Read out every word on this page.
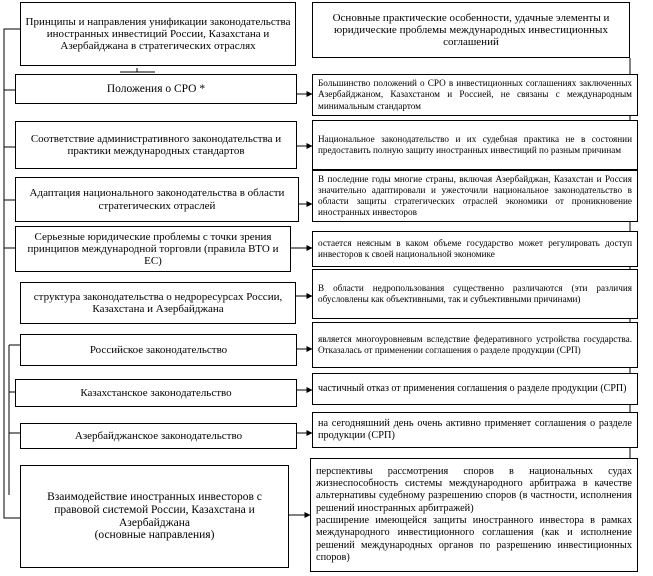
Принципы и направления унификации законодательства иностранных инвестиций России, Казахстана и Азербайджана в стратегических отраслях
Положения о СРО *
Соответствие административного законодательства и практики международных стандартов
Адаптация национального законодательства в области стратегических отраслей
Серьезные юридические проблемы с точки зрения принципов международной торговли (правила ВТО и ЕС)
структура законодательства о недроресурсах России, Казахстана и Азербайджана
Российское законодательство
Казахстанское законодательство
Азербайджанское законодательство
Взаимодействие иностранных инвесторов с правовой системой России, Казахстана и Азербайджана
(основные направления)
Основные практические особенности, удачные элементы и юридические проблемы международных инвестиционных соглашений
Большинство положений о СРО в инвестиционных соглашениях заключенных Азербайджаном, Казахстаном и Россией, не связаны с международным минимальным стандартом
Национальное законодательство и их судебная практика не в состоянии предоставить полную защиту иностранных инвестиций по разным причинам
В последние годы многие страны, включая Азербайджан, Казахстан и Россия значительно адаптировали и ужесточили национальное законодательство в области защиты стратегических отраслей экономики от проникновение иностранных инвесторов
остается неясным в каком объеме государство может регулировать доступ инвесторов к своей национальной экономике
В области недропользования существенно различаются (эти различия обусловлены как объективными, так и субъективными причинами)
является многоуровневым вследствие федеративного устройства государства. Отказалась от применении соглашения о разделе продукции (СРП)
частичный отказ от применения соглашения о разделе продукции (СРП)
на сегодняшний день очень активно применяет соглашения о разделе продукции (СРП)
перспективы рассмотрения споров в национальных судах жизнеспособность системы международного арбитража в качестве альтернативы судебному разрешению споров (в частности, исполнения решений иностранных арбитражей)
расширение имеющейся защиты иностранного инвестора в рамках международного инвестиционного соглашения (как и исполнение решений международных органов по разрешению инвестиционных споров)
